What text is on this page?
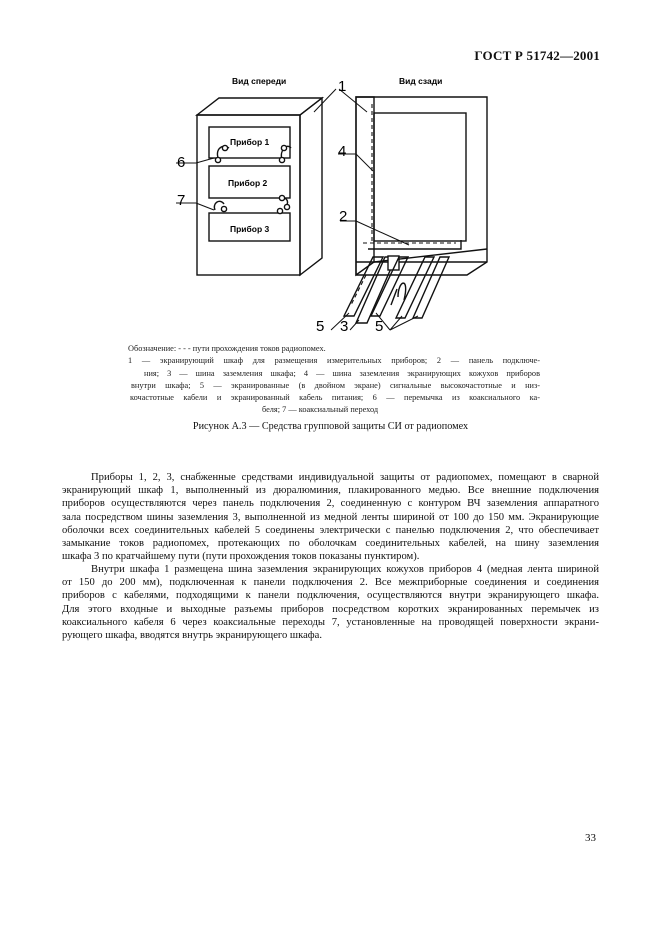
ГОСТ Р 51742—2001
Вид спереди	Вид сзади
Прибор 1
Прибор 2
Прибор 3
1
4
6
7
2
5 3 5
Обозначение: - - - пути прохождения токов радиопомех.
1 — экранирующий шкаф для размещения измерительных приборов; 2 — панель подключе-
ния; 3 — шина заземления шкафа; 4 — шина заземления экранирующих кожухов приборов
внутри шкафа; 5 — экранированные (в двойном экране) сигнальные высокочастотные и низ-
кочастотные кабели и экранированный кабель питания; 6 — перемычка из коаксиального ка-
беля; 7 — коаксиальный переход
Рисунок А.3 — Средства групповой защиты СИ от радиопомех
Приборы 1, 2, 3, снабженные средствами индивидуальной защиты от радиопомех, помещают в сварной
экранирующий шкаф 1, выполненный из дюралюминия, плакированного медью. Все внешние подключения
приборов осуществляются через панель подключения 2, соединенную с контуром ВЧ заземления аппаратного
зала посредством шины заземления 3, выполненной из медной ленты шириной от 100 до 150 мм. Экранирующие
оболочки всех соединительных кабелей 5 соединены электрически с панелью подключения 2, что обеспечивает
замыкание токов радиопомех, протекающих по оболочкам соединительных кабелей, на шину заземления
шкафа 3 по кратчайшему пути (пути прохождения токов показаны пунктиром).
Внутри шкафа 1 размещена шина заземления экранирующих кожухов приборов 4 (медная лента шириной
от 150 до 200 мм), подключенная к панели подключения 2. Все межприборные соединения и соединения
приборов с кабелями, подходящими к панели подключения, осуществляются внутри экранирующего шкафа.
Для этого входные и выходные разъемы приборов посредством коротких экранированных перемычек из
коаксиального кабеля 6 через коаксиальные переходы 7, установленные на проводящей поверхности экрани-
рующего шкафа, вводятся внутрь экранирующего шкафа.
33
